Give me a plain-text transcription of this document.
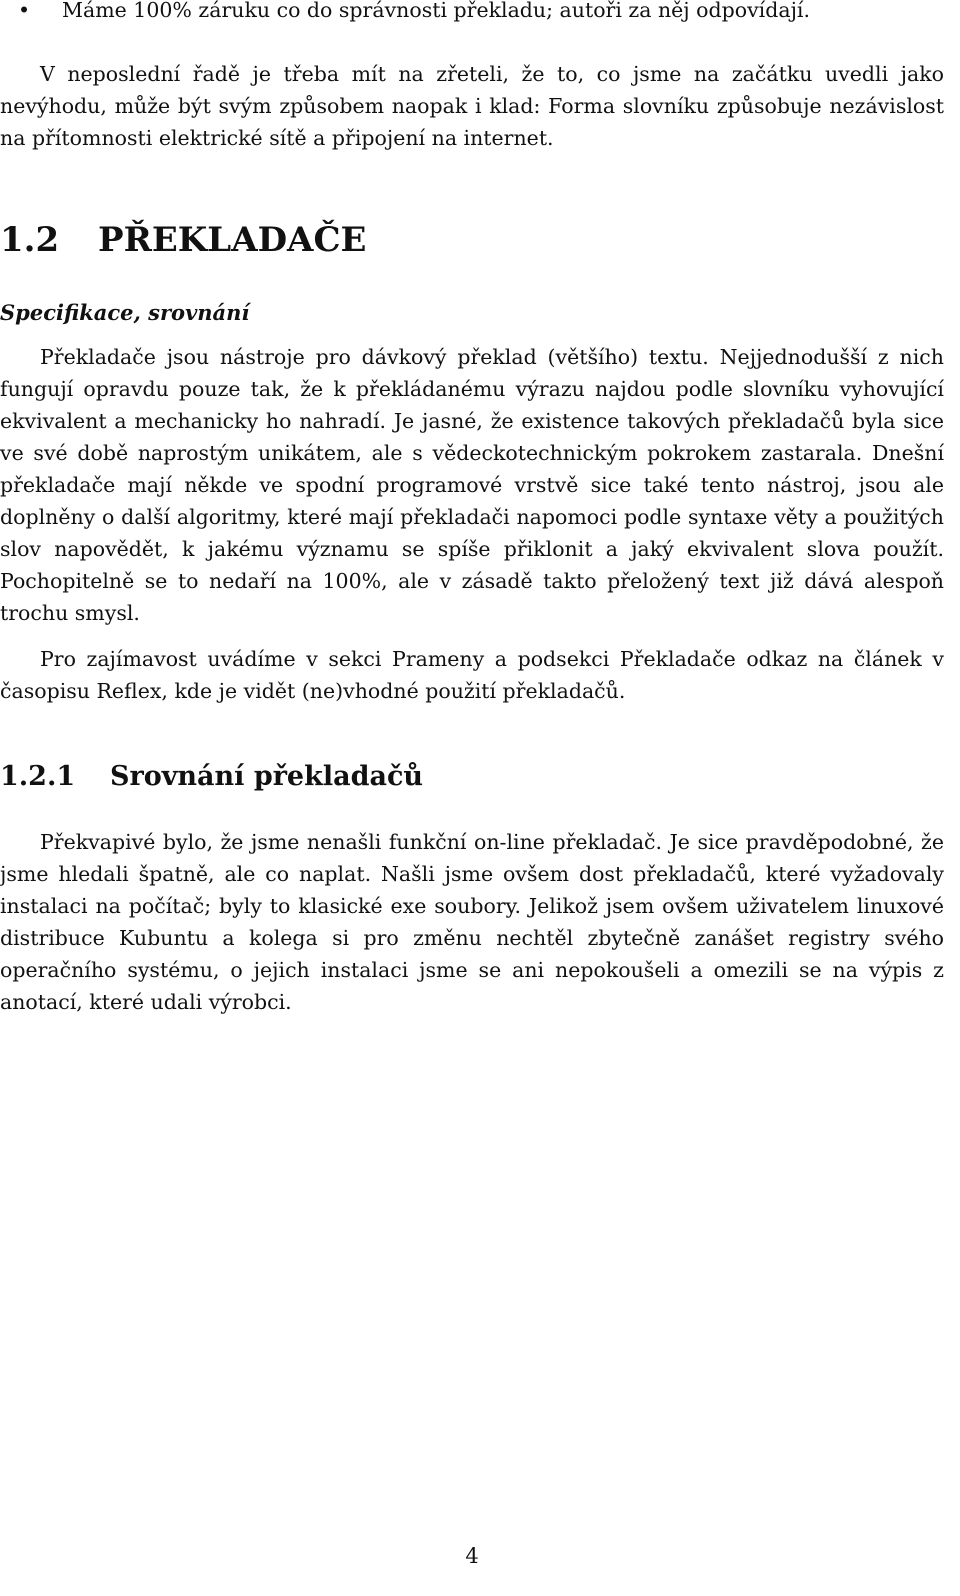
• Máme 100% záruku co do správnosti překladu; autoři za něj odpovídají.

V neposlední řadě je třeba mít na zřeteli, že to, co jsme na začátku uvedli jako nevýhodu, může být svým způsobem naopak i klad: Forma slovníku způsobuje nezávislost na přítomnosti elektrické sítě a připojení na internet.

1.2 PŘEKLADAČE
Specifikace, srovnání

Překladače jsou nástroje pro dávkový překlad (většího) textu. Nejjednodušší z nich fungují opravdu pouze tak, že k překládanému výrazu najdou podle slovníku vyhovující ekvivalent a mechanicky ho nahradí. Je jasné, že existence takových překladačů byla sice ve své době naprostým unikátem, ale s vědeckotechnickým pokrokem zastarala. Dnešní překladače mají někde ve spodní programové vrstvě sice také tento nástroj, jsou ale doplněny o další algoritmy, které mají překladači napomoci podle syntaxe věty a použitých slov napovědět, k jakému významu se spíše přiklonit a jaký ekvivalent slova použít. Pochopitelně se to nedaří na 100%, ale v zásadě takto přeložený text již dává alespoň trochu smysl.

Pro zajímavost uvádíme v sekci Prameny a podsekci Překladače odkaz na článek v časopisu Reflex, kde je vidět (ne)vhodné použití překladačů.

1.2.1 Srovnání překladačů

Překvapivé bylo, že jsme nenašli funkční on-line překladač. Je sice pravděpodobné, že jsme hledali špatně, ale co naplat. Našli jsme ovšem dost překladačů, které vyžadovaly instalaci na počítač; byly to klasické exe soubory. Jelikož jsem ovšem uživatelem linuxové distribuce Kubuntu a kolega si pro změnu nechtěl zbytečně zanášet registry svého operačního systému, o jejich instalaci jsme se ani nepokoušeli a omezili se na výpis z anotací, které udali výrobci.

4
